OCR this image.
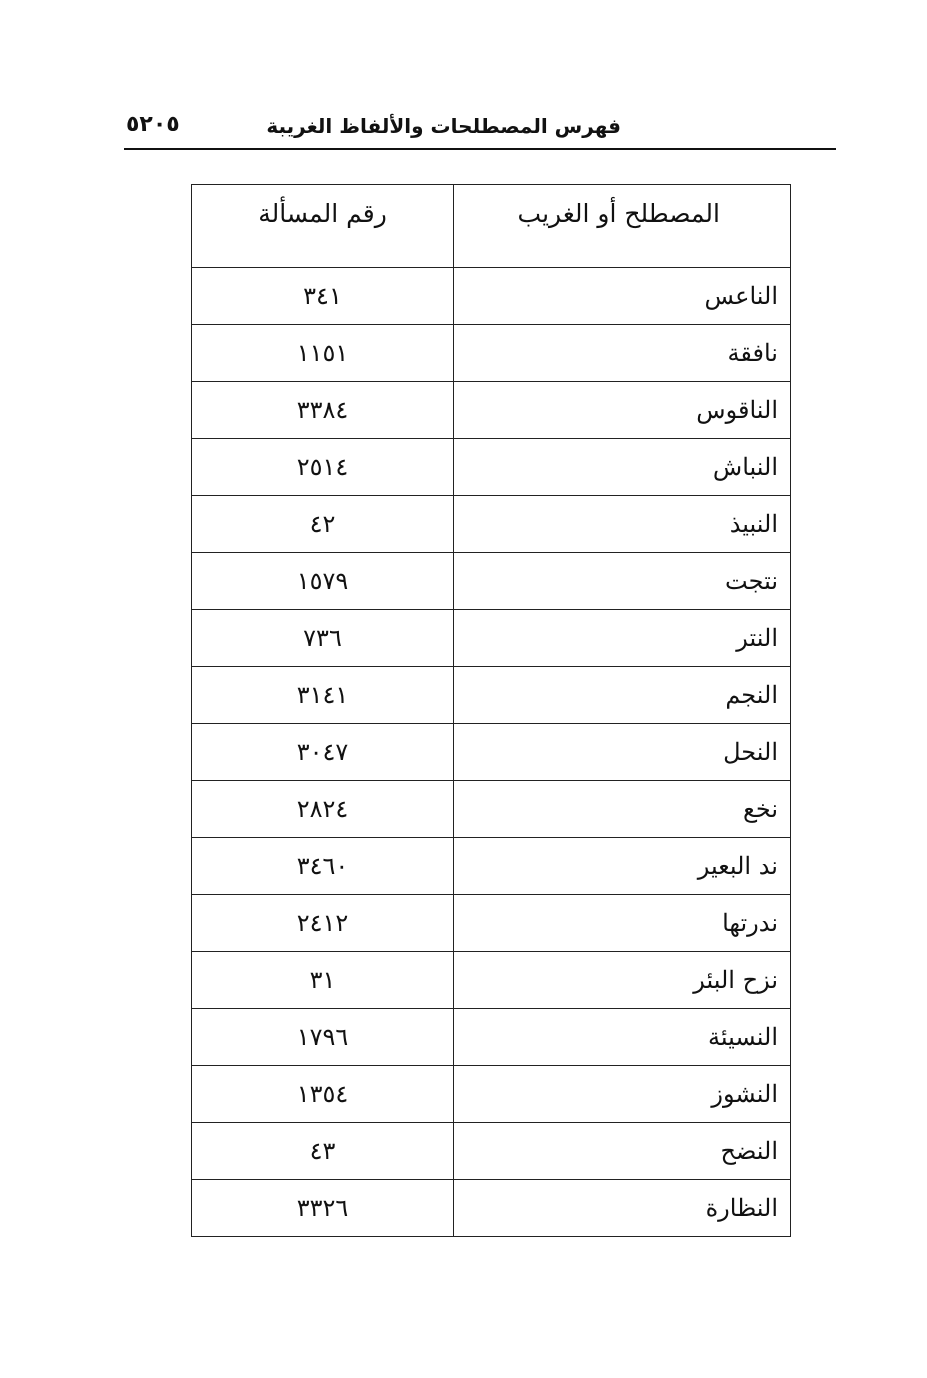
٥٢٠٥	فهرس المصطلحات والألفاظ الغريبة
المصطلح أو الغريب	رقم المسألة
الناعس	٣٤١
نافقة	١١٥١
الناقوس	٣٣٨٤
النباش	٢٥١٤
النبيذ	٤٢
نتجت	١٥٧٩
النتر	٧٣٦
النجم	٣١٤١
النحل	٣٠٤٧
نخع	٢٨٢٤
ند البعير	٣٤٦٠
ندرتها	٢٤١٢
نزح البئر	٣١
النسيئة	١٧٩٦
النشوز	١٣٥٤
النضح	٤٣
النظارة	٣٣٢٦
